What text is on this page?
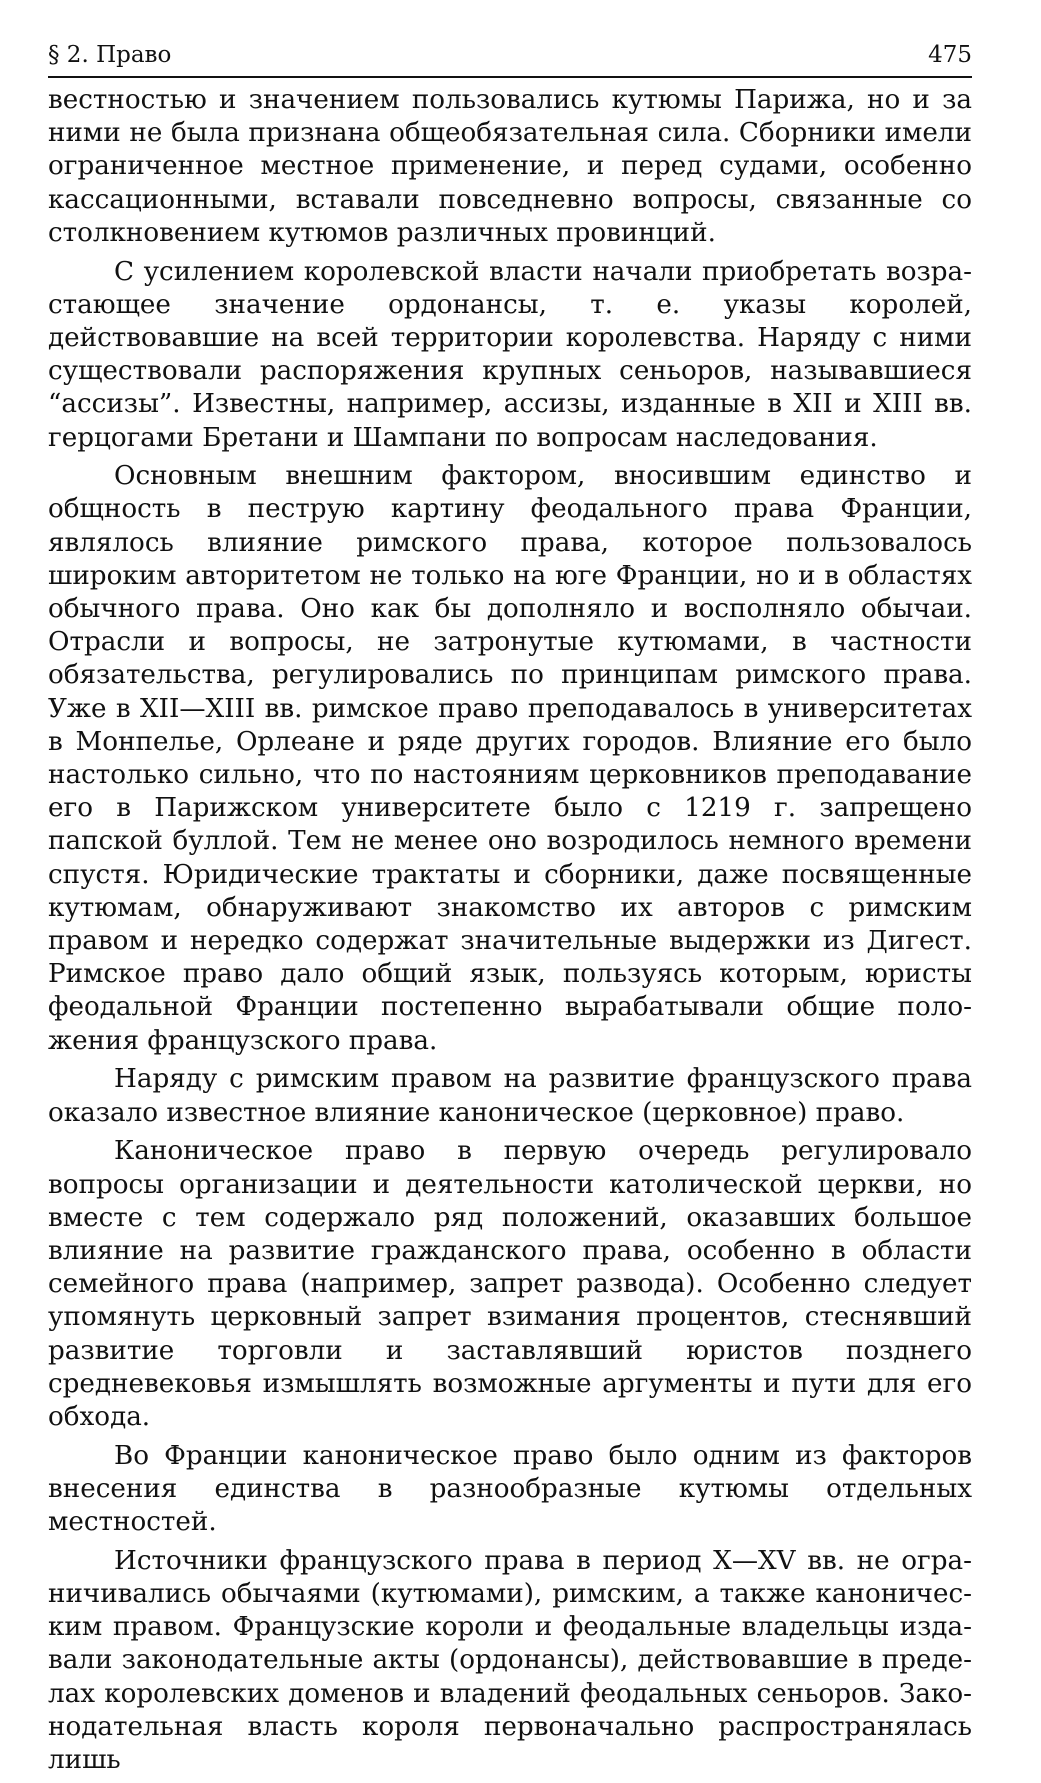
§ 2. Право	475

вестностью и значением пользовались кутюмы Парижа, но и за ними не была признана общеобязательная сила. Сборники имели ограниченное местное применение, и перед судами, особенно кассационными, вставали повседневно вопросы, связанные со столкновением кутюмов различных провинций.

С усилением королевской власти начали приобретать возрастающее значение ордонансы, т. е. указы королей, действовавшие на всей территории королевства. Наряду с ними существовали распоряжения крупных сеньоров, называвшиеся “ассизы”. Известны, например, ассизы, изданные в XII и XIII вв. герцогами Бретани и Шампани по вопросам наследования.

Основным внешним фактором, вносившим единство и общность в пеструю картину феодального права Франции, являлось влияние римского права, которое пользовалось широким авторитетом не только на юге Франции, но и в областях обычного права. Оно как бы дополняло и восполняло обычаи. Отрасли и вопросы, не затронутые кутюмами, в частности обязательства, регулировались по принципам римского права. Уже в XII—XIII вв. римское право преподавалось в университетах в Монпелье, Орлеане и ряде других городов. Влияние его было настолько сильно, что по настояниям церковников преподавание его в Парижском университете было с 1219 г. запрещено папской буллой. Тем не менее оно возродилось немного времени спустя. Юридические трактаты и сборники, даже посвященные кутюмам, обнаруживают знакомство их авторов с римским правом и нередко содержат значительные выдержки из Дигест. Римское право дало общий язык, пользуясь которым, юристы феодальной Франции постепенно вырабатывали общие положения французского права.

Наряду с римским правом на развитие французского права оказало известное влияние каноническое (церковное) право.

Каноническое право в первую очередь регулировало вопросы организации и деятельности католической церкви, но вместе с тем содержало ряд положений, оказавших большое влияние на развитие гражданского права, особенно в области семейного права (например, запрет развода). Особенно следует упомянуть церковный запрет взимания процентов, стеснявший развитие торговли и заставлявший юристов позднего средневековья измышлять возможные аргументы и пути для его обхода.

Во Франции каноническое право было одним из факторов внесения единства в разнообразные кутюмы отдельных местностей.

Источники французского права в период X—XV вв. не ограничивались обычаями (кутюмами), римским, а также каноническим правом. Французские короли и феодальные владельцы издавали законодательные акты (ордонансы), действовавшие в пределах королевских доменов и владений феодальных сеньоров. Законодательная власть короля первоначально распространялась лишь
